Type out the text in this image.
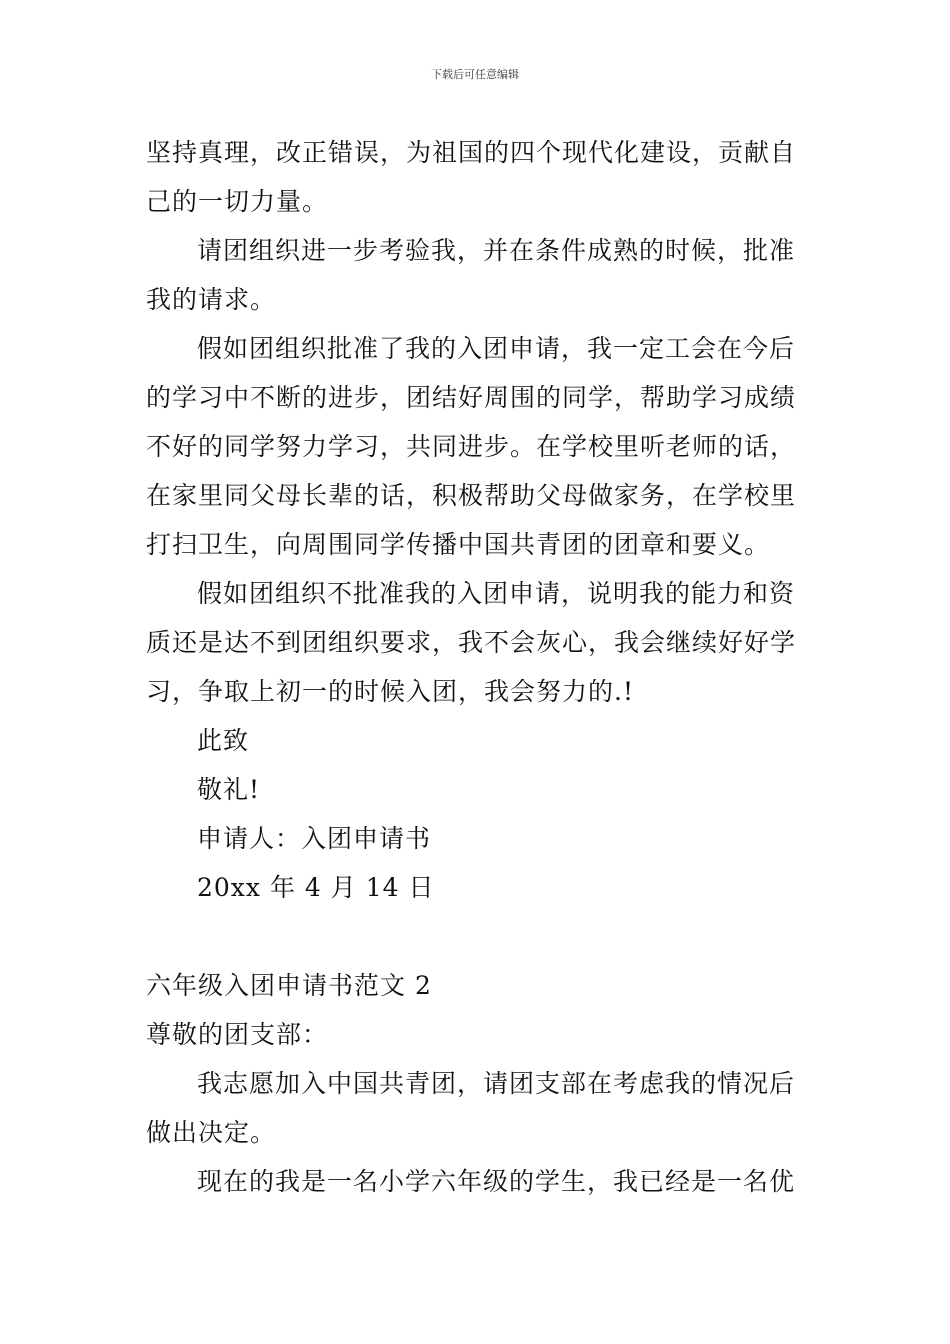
下载后可任意编辑
坚持真理，改正错误，为祖国的四个现代化建设，贡献自
己的一切力量。
请团组织进一步考验我，并在条件成熟的时候，批准
我的请求。
假如团组织批准了我的入团申请，我一定工会在今后
的学习中不断的进步，团结好周围的同学，帮助学习成绩
不好的同学努力学习，共同进步。在学校里听老师的话，
在家里同父母长辈的话，积极帮助父母做家务，在学校里
打扫卫生，向周围同学传播中国共青团的团章和要义。
假如团组织不批准我的入团申请，说明我的能力和资
质还是达不到团组织要求，我不会灰心，我会继续好好学
习，争取上初一的时候入团，我会努力的.!
此致
敬礼!
申请人：入团申请书
20xx 年 4 月 14 日
六年级入团申请书范文 2
尊敬的团支部：
我志愿加入中国共青团，请团支部在考虑我的情况后
做出决定。
现在的我是一名小学六年级的学生，我已经是一名优
